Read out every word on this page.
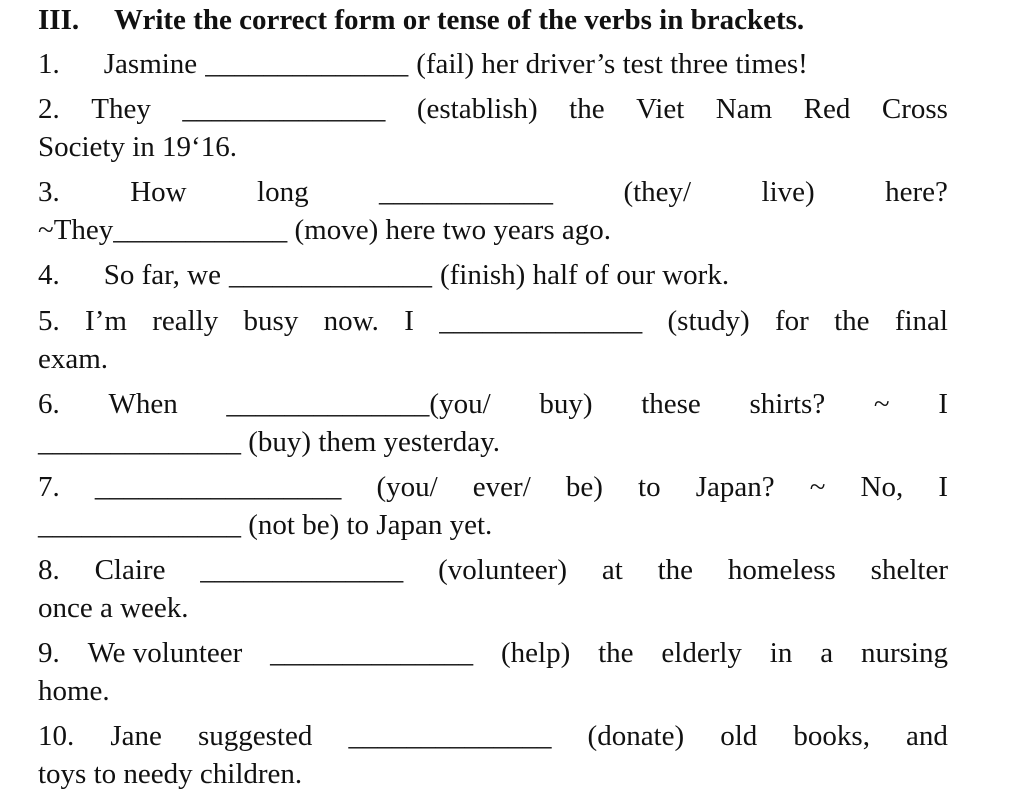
III. Write the correct form or tense of the verbs in brackets.
1. Jasmine ______________ (fail) her driver’s test three times!
2. They ______________ (establish) the Viet Nam Red Cross
Society in 19‘16.
3. How long ____________ (they/ live) here?
~They____________ (move) here two years ago.
4. So far, we ______________ (finish) half of our work.
5. I’m really busy now. I ______________ (study) for the final
exam.
6. When ______________(you/ buy) these shirts? ~ I
______________ (buy) them yesterday.
7. _________________ (you/ ever/ be) to Japan? ~ No, I
______________ (not be) to Japan yet.
8. Claire ______________ (volunteer) at the homeless shelter
once a week.
9. We volunteer ______________ (help) the elderly in a nursing
home.
10. Jane suggested ______________ (donate) old books, and
toys to needy children.
